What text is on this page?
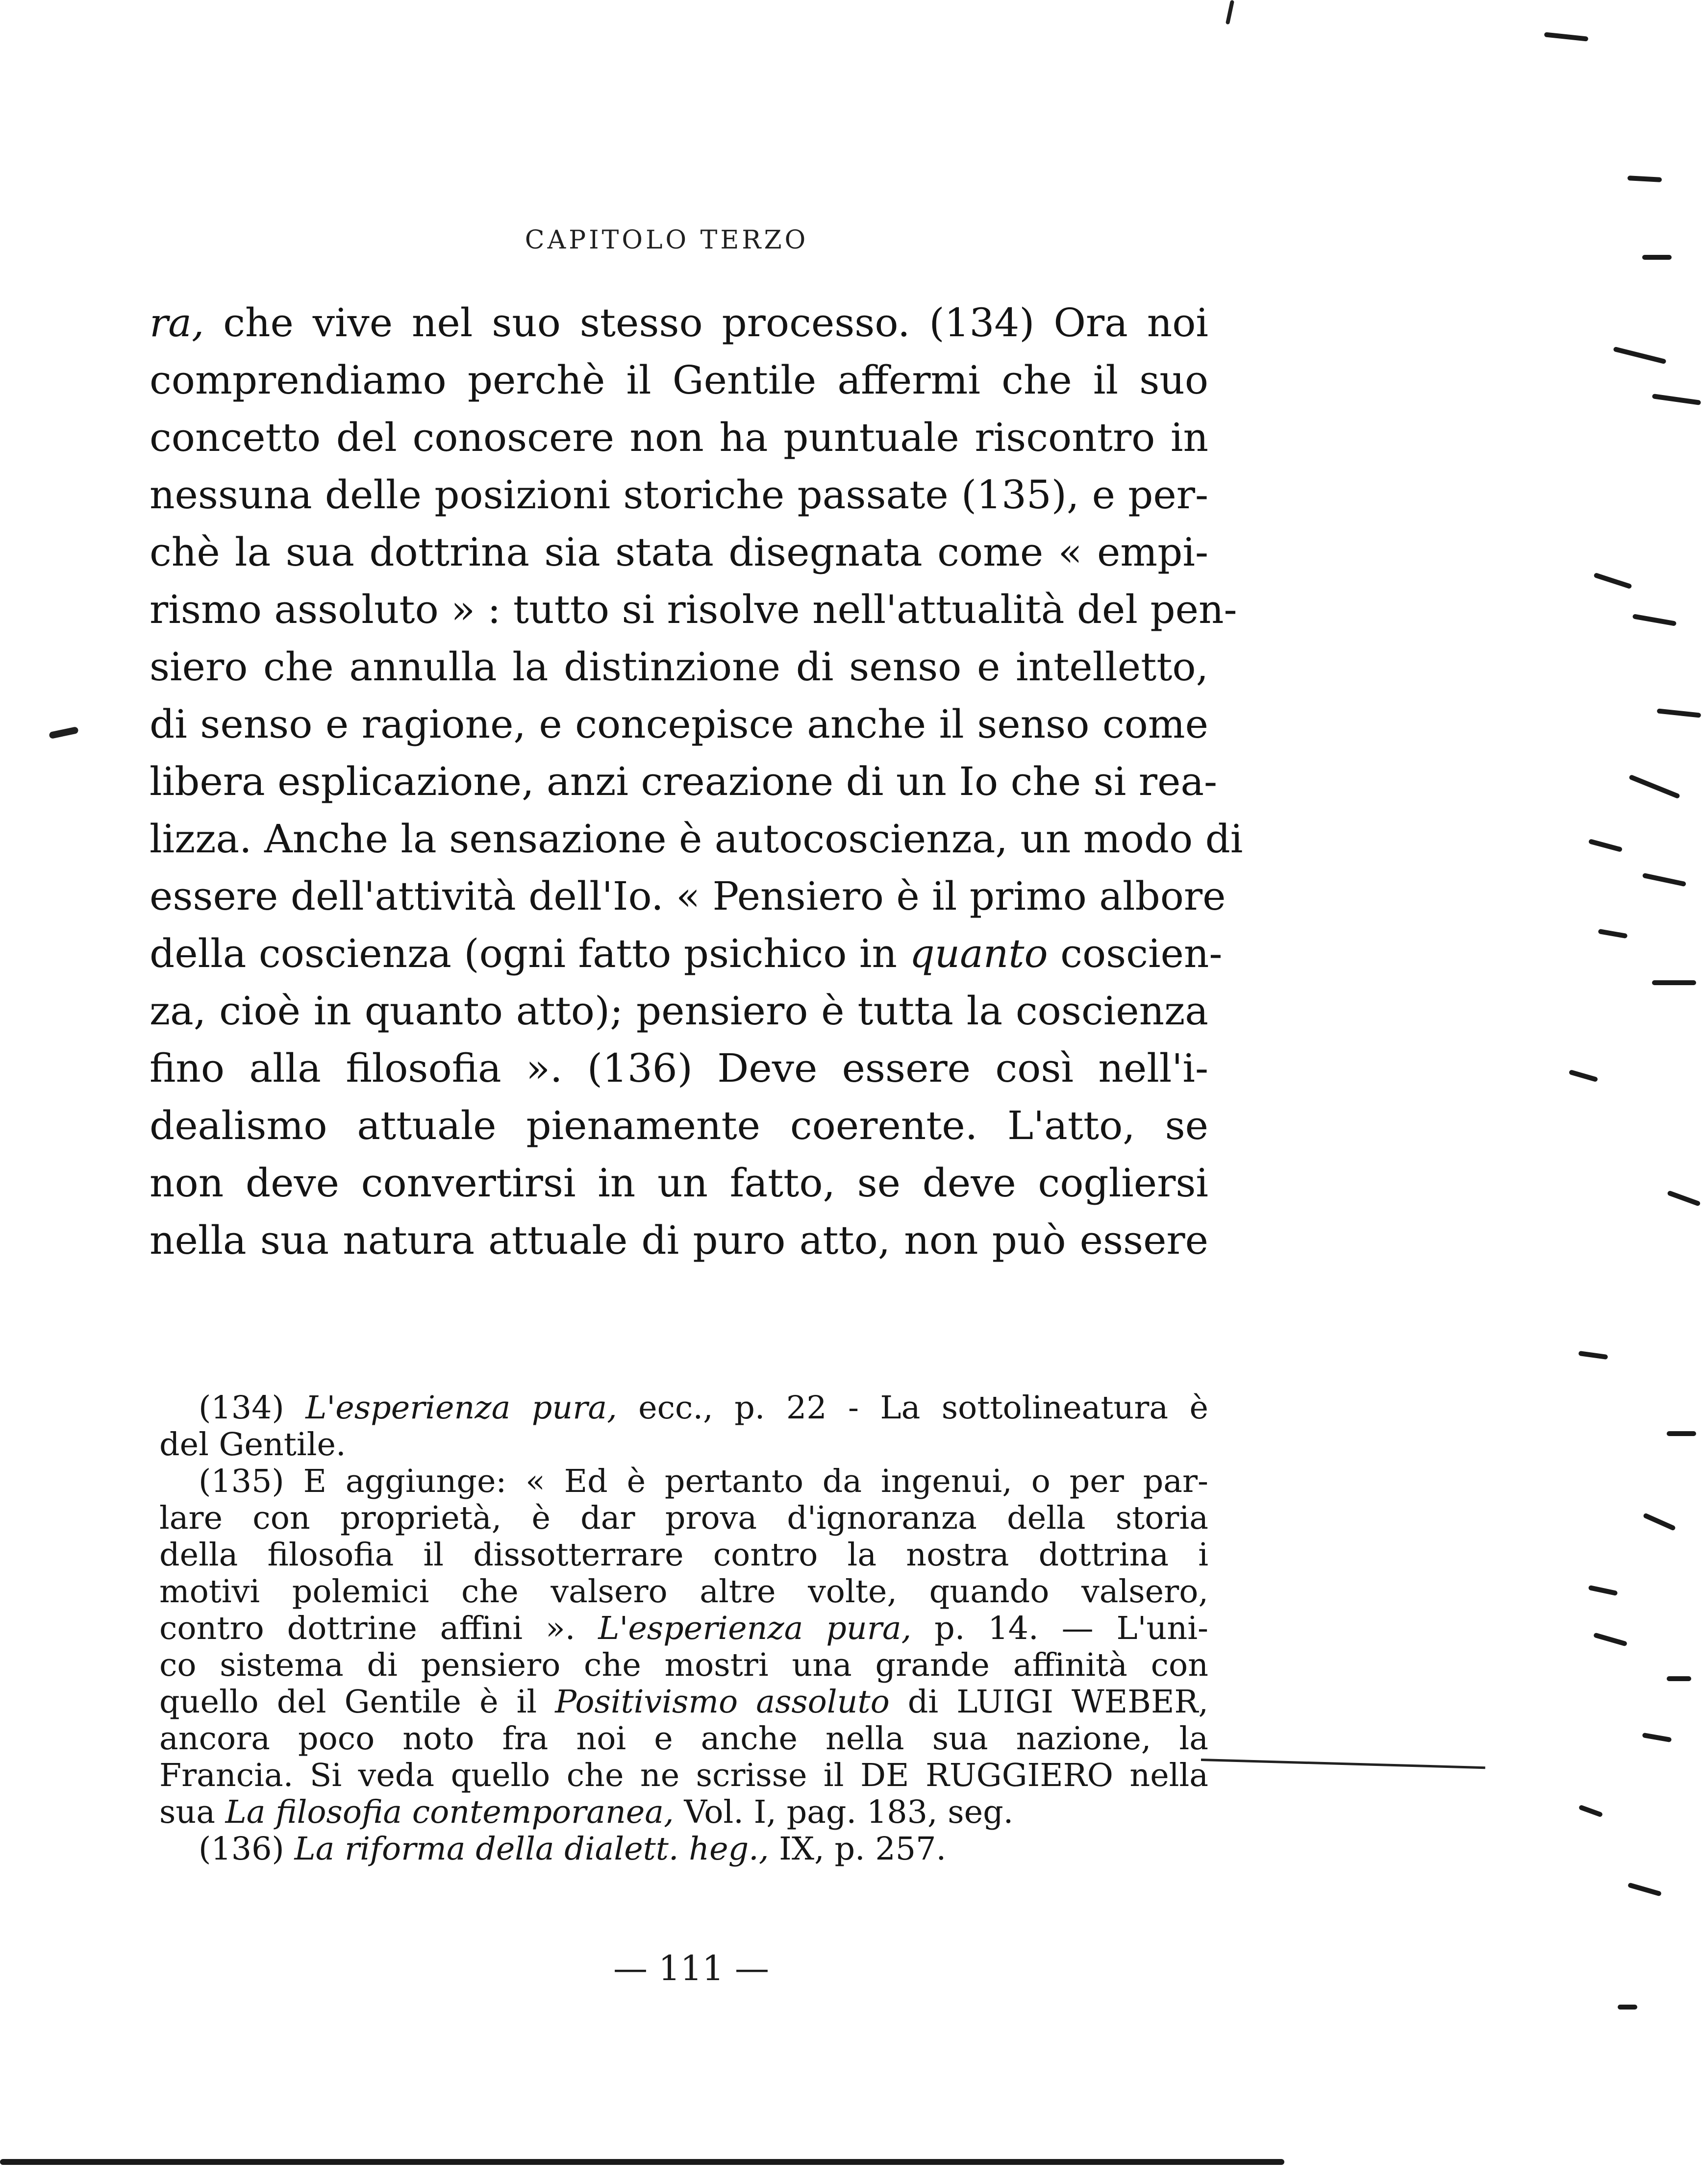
CAPITOLO TERZO
ra, che vive nel suo stesso processo. (134) Ora noi
comprendiamo perchè il Gentile affermi che il suo
concetto del conoscere non ha puntuale riscontro in
nessuna delle posizioni storiche passate (135), e per-
chè la sua dottrina sia stata disegnata come « empi-
rismo assoluto » : tutto si risolve nell'attualità del pen-
siero che annulla la distinzione di senso e intelletto,
di senso e ragione, e concepisce anche il senso come
libera esplicazione, anzi creazione di un Io che si rea-
lizza. Anche la sensazione è autocoscienza, un modo di
essere dell'attività dell'Io. « Pensiero è il primo albore
della coscienza (ogni fatto psichico in quanto coscien-
za, cioè in quanto atto); pensiero è tutta la coscienza
fino alla filosofia ». (136) Deve essere così nell'i-
dealismo attuale pienamente coerente. L'atto, se
non deve convertirsi in un fatto, se deve cogliersi
nella sua natura attuale di puro atto, non può essere
(134) L'esperienza pura, ecc., p. 22 - La sottolineatura è
del Gentile.
(135) E aggiunge: « Ed è pertanto da ingenui, o per par-
lare con proprietà, è dar prova d'ignoranza della storia
della filosofia il dissotterrare contro la nostra dottrina i
motivi polemici che valsero altre volte, quando valsero,
contro dottrine affini ». L'esperienza pura, p. 14. — L'uni-
co sistema di pensiero che mostri una grande affinità con
quello del Gentile è il Positivismo assoluto di LUIGI WEBER,
ancora poco noto fra noi e anche nella sua nazione, la
Francia. Si veda quello che ne scrisse il DE RUGGIERO nella
sua La filosofia contemporanea, Vol. I, pag. 183, seg.
(136) La riforma della dialett. heg., IX, p. 257.
— 111 —
